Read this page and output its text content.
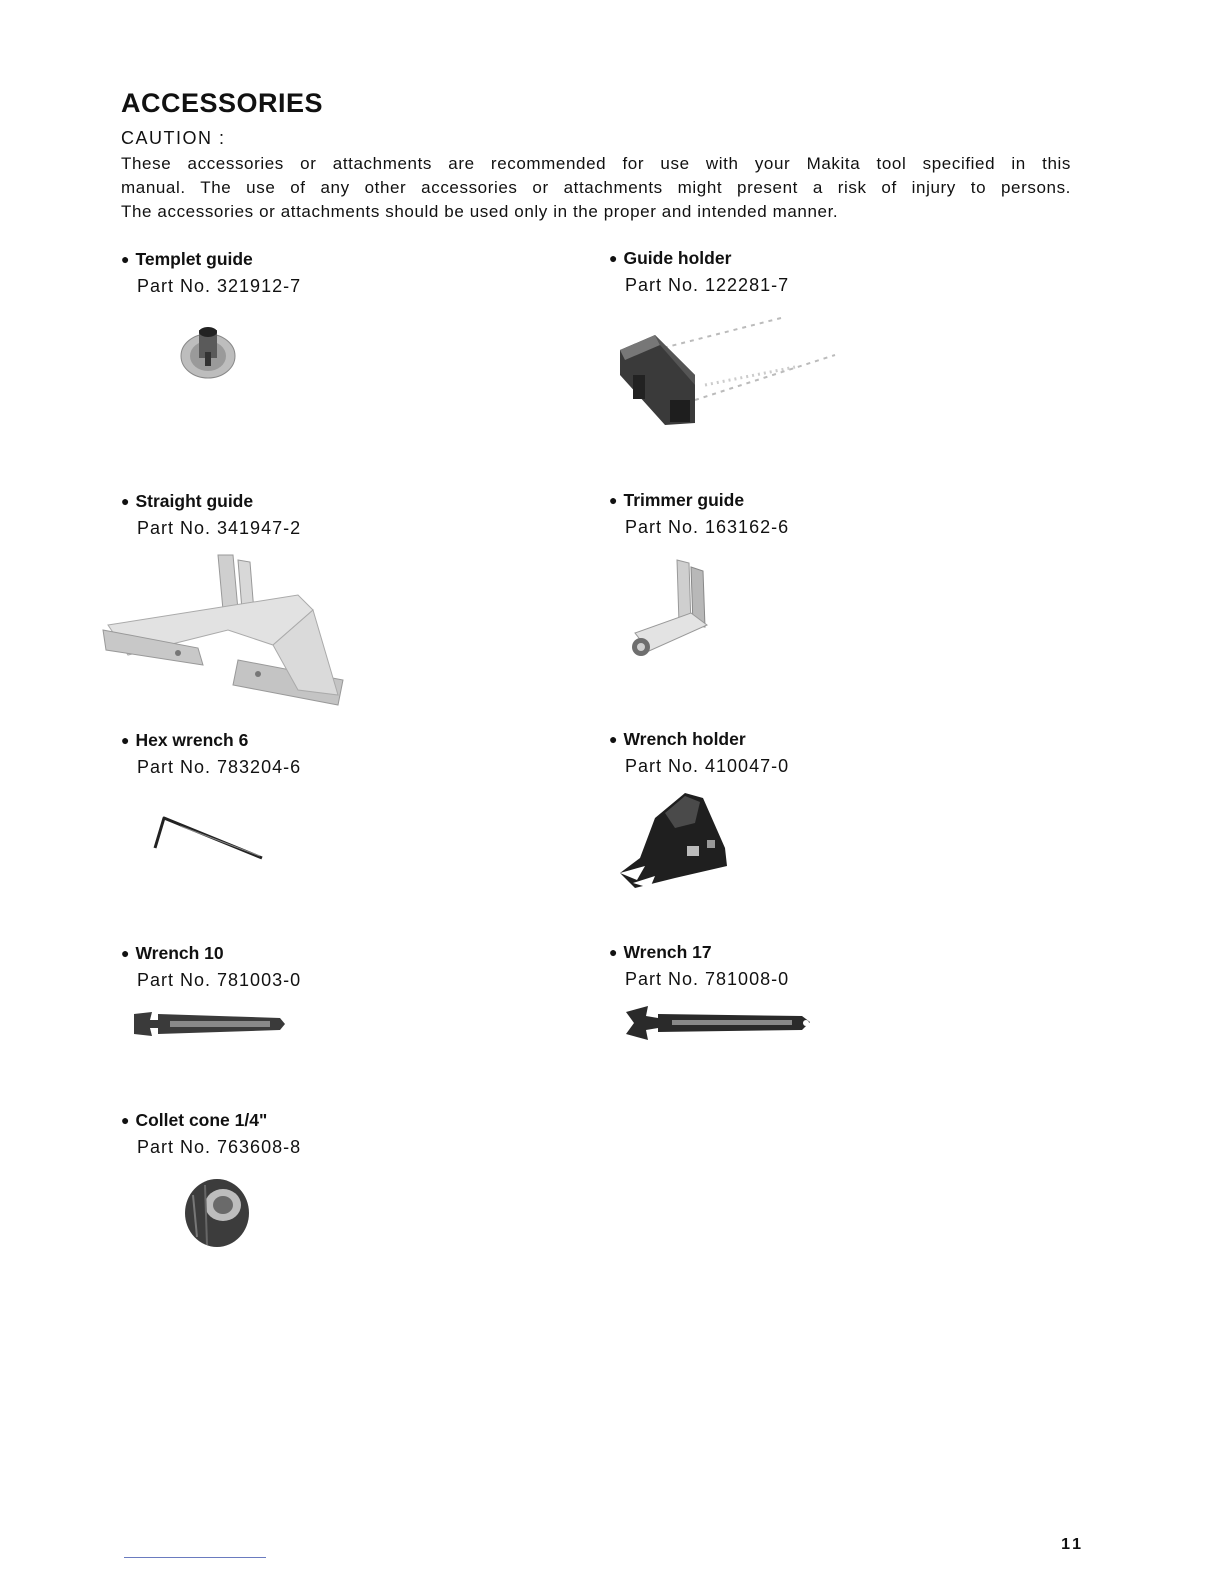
ACCESSORIES
CAUTION :

These accessories or attachments are recommended for use with your Makita tool specified in this

manual. The use of any other accessories or attachments might present a risk of injury to persons.

The accessories or attachments should be used only in the proper and intended manner.

● Templet guide
Part No. 321912-7
● Guide holder
Part No. 122281-7
● Straight guide
Part No. 341947-2
● Trimmer guide
Part No. 163162-6
● Hex wrench 6
Part No. 783204-6
● Wrench holder
Part No. 410047-0
● Wrench 10
Part No. 781003-0
● Wrench 17
Part No. 781008-0
● Collet cone 1/4"
Part No. 763608-8
11
